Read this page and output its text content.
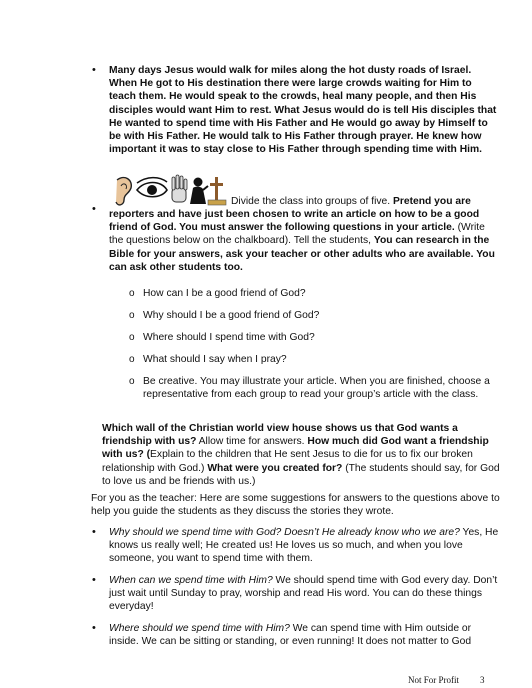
• Many days Jesus would walk for miles along the hot dusty roads of Israel. When He got to His destination there were large crowds waiting for Him to teach them. He would speak to the crowds, heal many people, and then His disciples would want Him to rest. What Jesus would do is tell His disciples that He wanted to spend time with His Father and He would go away by Himself to be with His Father. He would talk to His Father through prayer. He knew how important it was to stay close to His Father through spending time with Him.
•
Divide the class into groups of five. Pretend you are reporters and have just been chosen to write an article on how to be a good friend of God. You must answer the following questions in your article. (Write the questions below on the chalkboard). Tell the students, You can research in the Bible for your answers, ask your teacher or other adults who are available. You can ask other students too.
o How can I be a good friend of God?
o Why should I be a good friend of God?
o Where should I spend time with God?
o What should I say when I pray?
o Be creative. You may illustrate your article. When you are finished, choose a representative from each group to read your group’s article with the class.
Which wall of the Christian world view house shows us that God wants a friendship with us? Allow time for answers. How much did God want a friendship with us? (Explain to the children that He sent Jesus to die for us to fix our broken relationship with God.) What were you created for? (The students should say, for God to love us and be friends with us.)
For you as the teacher: Here are some suggestions for answers to the questions above to help you guide the students as they discuss the stories they wrote.
• Why should we spend time with God? Doesn’t He already know who we are? Yes, He knows us really well; He created us! He loves us so much, and when you love someone, you want to spend time with them.
• When can we spend time with Him? We should spend time with God every day. Don’t just wait until Sunday to pray, worship and read His word. You can do these things everyday!
• Where should we spend time with Him? We can spend time with Him outside or inside. We can be sitting or standing, or even running! It does not matter to God
Not For Profit 3
